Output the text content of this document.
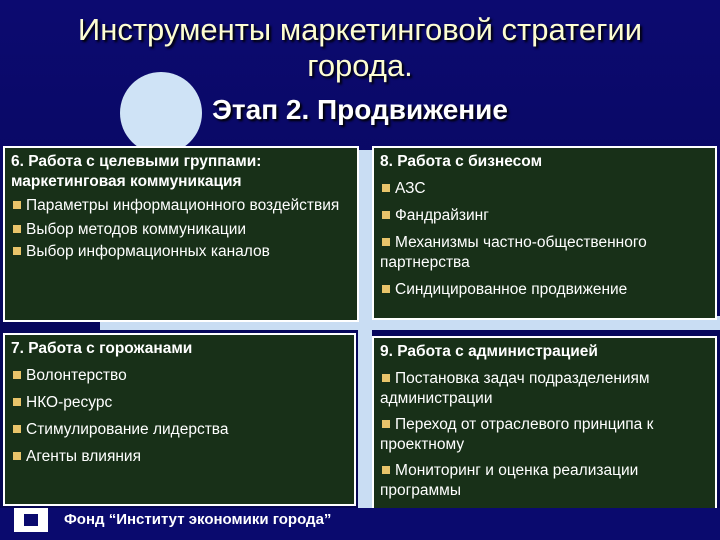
Инструменты маркетинговой стратегии
города.
Этап 2. Продвижение
6. Работа с целевыми группами: маркетинговая коммуникация
Параметры информационного воздействия
Выбор методов коммуникации
Выбор информационных каналов
8. Работа с бизнесом
АЗС
Фандрайзинг
Механизмы частно-общественного партнерства
Синдицированное продвижение
7. Работа с горожанами
Волонтерство
НКО-ресурс
Стимулирование лидерства
Агенты влияния
9. Работа с администрацией
Постановка задач подразделениям администрации
Переход от отраслевого принципа к проектному
Мониторинг и оценка реализации программы
Фонд “Институт экономики города”
